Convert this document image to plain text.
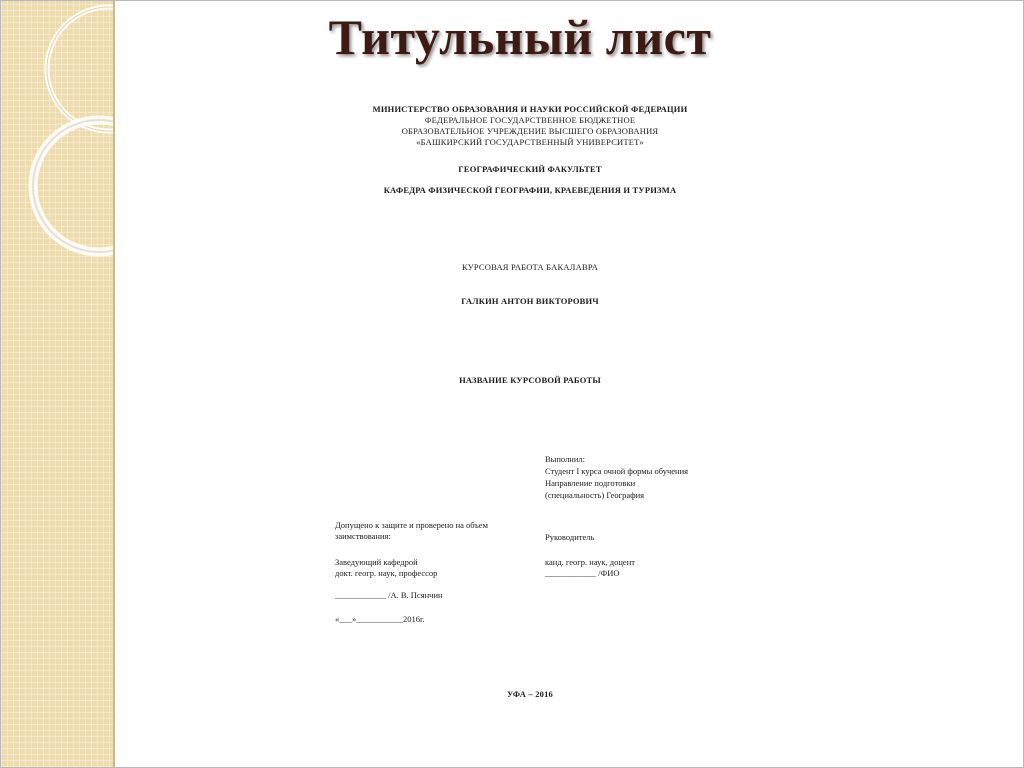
Титульный лист
МИНИСТЕРСТВО ОБРАЗОВАНИЯ И НАУКИ РОССИЙСКОЙ ФЕДЕРАЦИИ
ФЕДЕРАЛЬНОЕ ГОСУДАРСТВЕННОЕ БЮДЖЕТНОЕ
ОБРАЗОВАТЕЛЬНОЕ УЧРЕЖДЕНИЕ ВЫСШЕГО ОБРАЗОВАНИЯ
«БАШКИРСКИЙ ГОСУДАРСТВЕННЫЙ УНИВЕРСИТЕТ»
ГЕОГРАФИЧЕСКИЙ ФАКУЛЬТЕТ
КАФЕДРА ФИЗИЧЕСКОЙ ГЕОГРАФИИ, КРАЕВЕДЕНИЯ И ТУРИЗМА
КУРСОВАЯ РАБОТА БАКАЛАВРА
ГАЛКИН АНТОН ВИКТОРОВИЧ
НАЗВАНИЕ КУРСОВОЙ РАБОТЫ
Выполнил:
Студент I курса очной формы обучения
Направление подготовки
(специальность) География
Допущено к защите и проверено на объем
заимствования:	Руководитель
Заведующий кафедрой
докт. геогр. наук, профессор
канд. геогр. наук, доцент
____________ /ФИО
____________ /А. В. Псянчин
«___»___________2016г.
УФА – 2016
